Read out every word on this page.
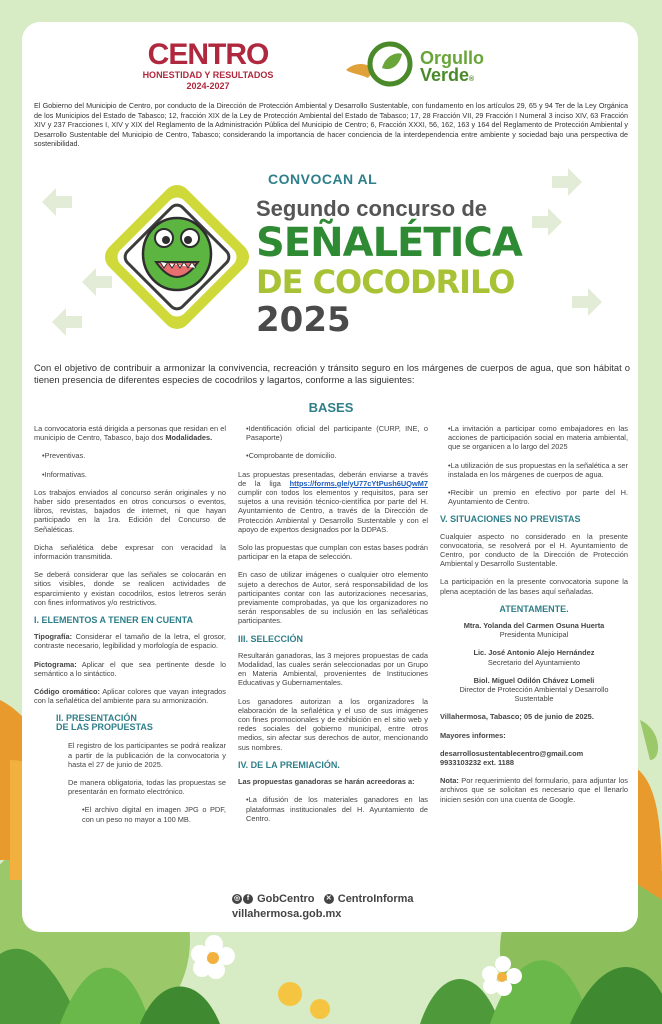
CENTRO
HONESTIDAD Y RESULTADOS
2024-2027
Orgullo
Verde®
El Gobierno del Municipio de Centro, por conducto de la Dirección de Protección Ambiental y Desarrollo Sustentable, con fundamento en los artículos 29, 65 y 94 Ter de la Ley Orgánica de los Municipios del Estado de Tabasco; 12, fracción XIX de la Ley de Protección Ambiental del Estado de Tabasco; 17, 28 Fracción VII, 29 Fracción I Numeral 3 inciso XIV, 63 Fracción XIV y 237 Fracciones I, XIV y XIX del Reglamento de la Administración Pública del Municipio de Centro; 6, Fracción XXXI, 56, 162, 163 y 164 del Reglamento de Protección Ambiental y Desarrollo Sustentable del Municipio de Centro, Tabasco; considerando la importancia de hacer conciencia de la interdependencia entre ambiente y sociedad bajo una perspectiva de sostenibilidad.
CONVOCAN AL
Segundo concurso de
SEÑALÉTICA
DE COCODRILO
2025
Con el objetivo de contribuir a armonizar la convivencia, recreación y tránsito seguro en los márgenes de cuerpos de agua, que son hábitat o tienen presencia de diferentes especies de cocodrilos y lagartos, conforme a las siguientes:
BASES

La convocatoria está dirigida a personas que residan en el municipio de Centro, Tabasco, bajo dos Modalidades.

•Preventivas.

•Informativas.

Los trabajos enviados al concurso serán originales y no haber sido presentados en otros concursos o eventos, libros, revistas, bajados de internet, ni que hayan participado en la 1ra. Edición del Concurso de Señaléticas.

Dicha señalética debe expresar con veracidad la información transmitida.

Se deberá considerar que las señales se colocarán en sitios visibles, donde se realicen actividades de esparcimiento y existan cocodrilos, estos letreros serán con fines informativos y/o restrictivos.

I. ELEMENTOS A TENER EN CUENTA

Tipografía: Considerar el tamaño de la letra, el grosor, contraste necesario, legibilidad y morfología de espacio.

Pictograma: Aplicar el que sea pertinente desde lo semántico a lo sintáctico.

Código cromático: Aplicar colores que vayan integrados con la señalética del ambiente para su armonización.

II. PRESENTACIÓN
DE LAS PROPUESTAS

El registro de los participantes se podrá realizar a partir de la publicación de la convocatoria y hasta el 27 de junio de 2025.

De manera obligatoria, todas las propuestas se presentarán en formato electrónico.

•El archivo digital en imagen JPG o PDF, con un peso no mayor a 100 MB.

•Identificación oficial del participante (CURP, INE, o Pasaporte)

•Comprobante de domicilio.

Las propuestas presentadas, deberán enviarse a través de la liga https://forms.gle/yU77cYtPush6UQwM7 cumplir con todos los elementos y requisitos, para ser sujetos a una revisión técnico-científica por parte del H. Ayuntamiento de Centro, a través de la Dirección de Protección Ambiental y Desarrollo Sustentable y con el apoyo de expertos designados por la DDPAS.

Solo las propuestas que cumplan con estas bases podrán participar en la etapa de selección.

En caso de utilizar imágenes o cualquier otro elemento sujeto a derechos de Autor, será responsabilidad de los participantes contar con las autorizaciones necesarias, previamente comprobadas, ya que los organizadores no serán responsables de su inclusión en las señaléticas participantes.

III. SELECCIÓN

Resultarán ganadoras, las 3 mejores propuestas de cada Modalidad, las cuales serán seleccionadas por un Grupo en Materia Ambiental, provenientes de Instituciones Educativas y Gubernamentales.

Los ganadores autorizan a los organizadores la elaboración de la señalética y el uso de sus imágenes con fines promocionales y de exhibición en el sitio web y redes sociales del gobierno municipal, entre otros medios, sin afectar sus derechos de autor, mencionando sus nombres.

IV. DE LA PREMIACIÓN.

Las propuestas ganadoras se harán acreedoras a:

•La difusión de los materiales ganadores en las plataformas institucionales del H. Ayuntamiento de Centro.

•La invitación a participar como embajadores en las acciones de participación social en materia ambiental, que se organicen a lo largo del 2025

•La utilización de sus propuestas en la señalética a ser instalada en los márgenes de cuerpos de agua.

•Recibir un premio en efectivo por parte del H. Ayuntamiento de Centro.

V. SITUACIONES NO PREVISTAS

Cualquier aspecto no considerado en la presente convocatoria, se resolverá por el H. Ayuntamiento de Centro, por conducto de la Dirección de Protección Ambiental y Desarrollo Sustentable.

La participación en la presente convocatoria supone la plena aceptación de las bases aquí señaladas.

ATENTAMENTE.

Mtra. Yolanda del Carmen Osuna Huerta
Presidenta Municipal

Lic. José Antonio Alejo Hernández
Secretario del Ayuntamiento

Biol. Miguel Odilón Chávez Lomeli
Director de Protección Ambiental y Desarrollo Sustentable

Villahermosa, Tabasco; 05 de junio de 2025.

Mayores informes:

desarrollosustentablecentro@gmail.com
9933103232 ext. 1188

Nota: Por requerimiento del formulario, para adjuntar los archivos que se solicitan es necesario que el llenarlo inicien sesión con una cuenta de Google.

◎ f GobCentro ✕ CentroInforma
villahermosa.gob.mx
